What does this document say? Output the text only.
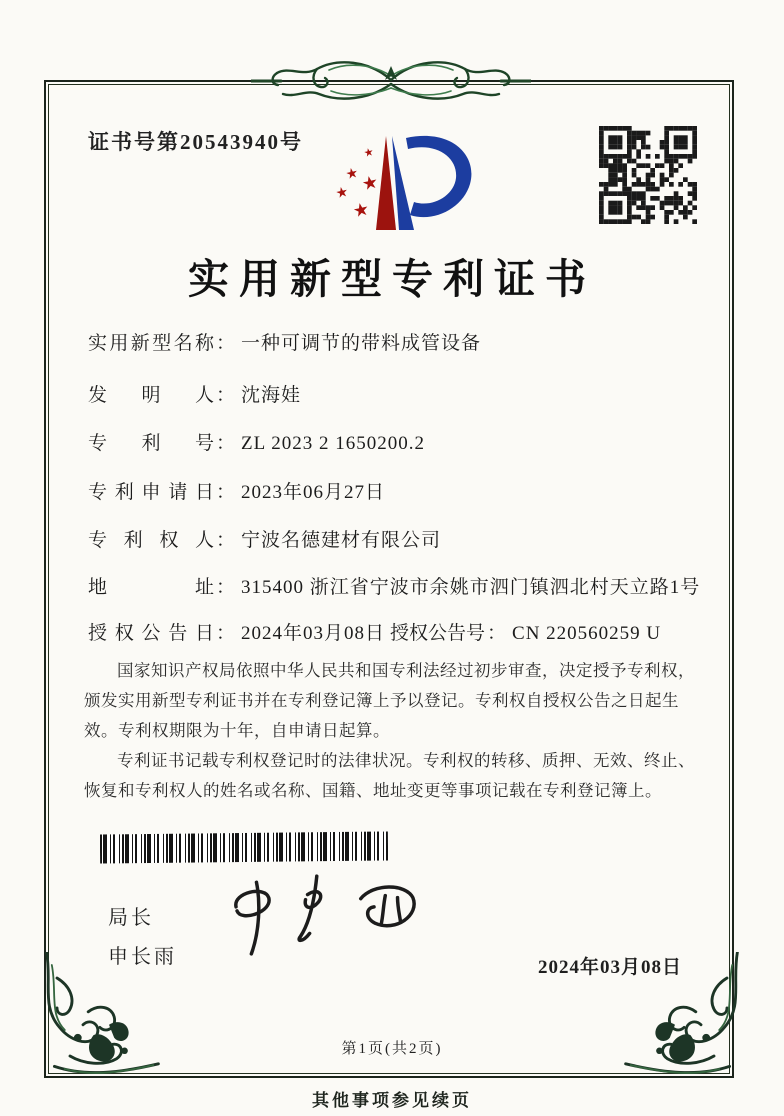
证书号第20543940号	★
★ ★
★
★
实用新型专利证书
实用新型名称 ： 一种可调节的带料成管设备
发明人 ： 沈海娃
专利号 ： ZL 2023 2 1650200.2
专利申请日 ： 2023年06月27日
专利权人 ： 宁波名德建材有限公司
地址 ： 315400 浙江省宁波市余姚市泗门镇泗北村天立路1号
授权公告日 ： 2024年03月08日 授权公告号 ： CN 220560259 U

国家知识产权局依照中华人民共和国专利法经过初步审查，决定授予专利权，颁发实用新型专利证书并在专利登记簿上予以登记。专利权自授权公告之日起生效。专利权期限为十年，自申请日起算。

专利证书记载专利权登记时的法律状况。专利权的转移、质押、无效、终止、恢复和专利权人的姓名或名称、国籍、地址变更等事项记载在专利登记簿上。

局长
申长雨	2024年03月08日
第1页(共2页)
其他事项参见续页
